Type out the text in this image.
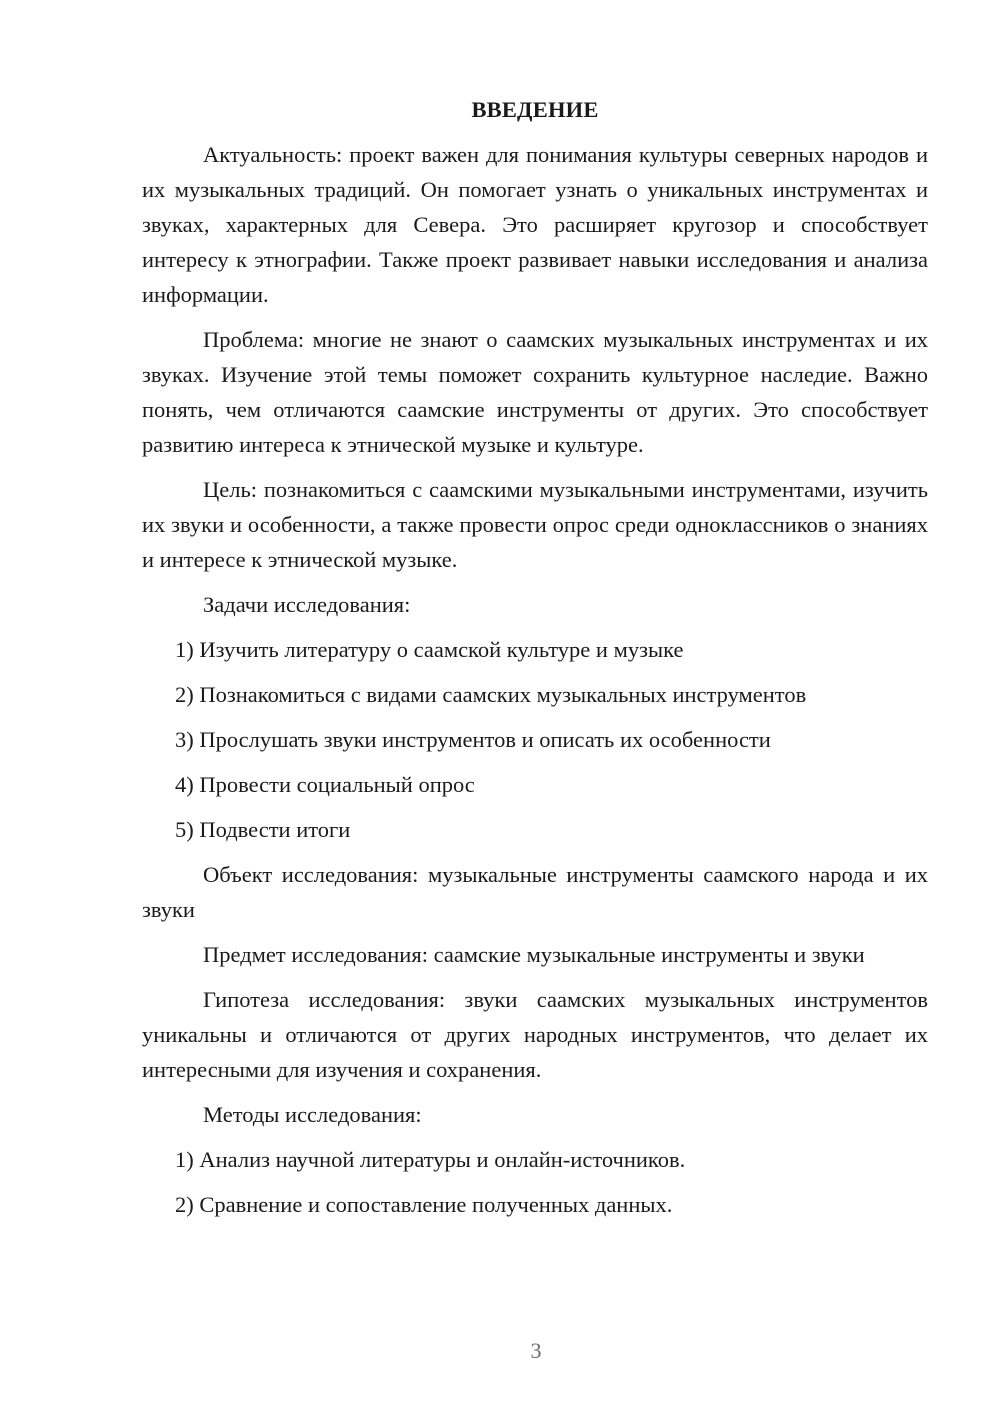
ВВЕДЕНИЕ

Актуальность: проект важен для понимания культуры северных народов и их музыкальных традиций. Он помогает узнать о уникальных инструментах и звуках, характерных для Севера. Это расширяет кругозор и способствует интересу к этнографии. Также проект развивает навыки исследования и анализа информации.

Проблема: многие не знают о саамских музыкальных инструментах и их звуках. Изучение этой темы поможет сохранить культурное наследие. Важно понять, чем отличаются саамские инструменты от других. Это способствует развитию интереса к этнической музыке и культуре.

Цель: познакомиться с саамскими музыкальными инструментами, изучить их звуки и особенности, а также провести опрос среди одноклассников о знаниях и интересе к этнической музыке.

Задачи исследования:

1) Изучить литературу о саамской культуре и музыке

2) Познакомиться с видами саамских музыкальных инструментов

3) Прослушать звуки инструментов и описать их особенности

4) Провести социальный опрос

5) Подвести итоги

Объект исследования: музыкальные инструменты саамского народа и их звуки

Предмет исследования: саамские музыкальные инструменты и звуки

Гипотеза исследования: звуки саамских музыкальных инструментов уникальны и отличаются от других народных инструментов, что делает их интересными для изучения и сохранения.

Методы исследования:

1) Анализ научной литературы и онлайн-источников.

2) Сравнение и сопоставление полученных данных.

3
